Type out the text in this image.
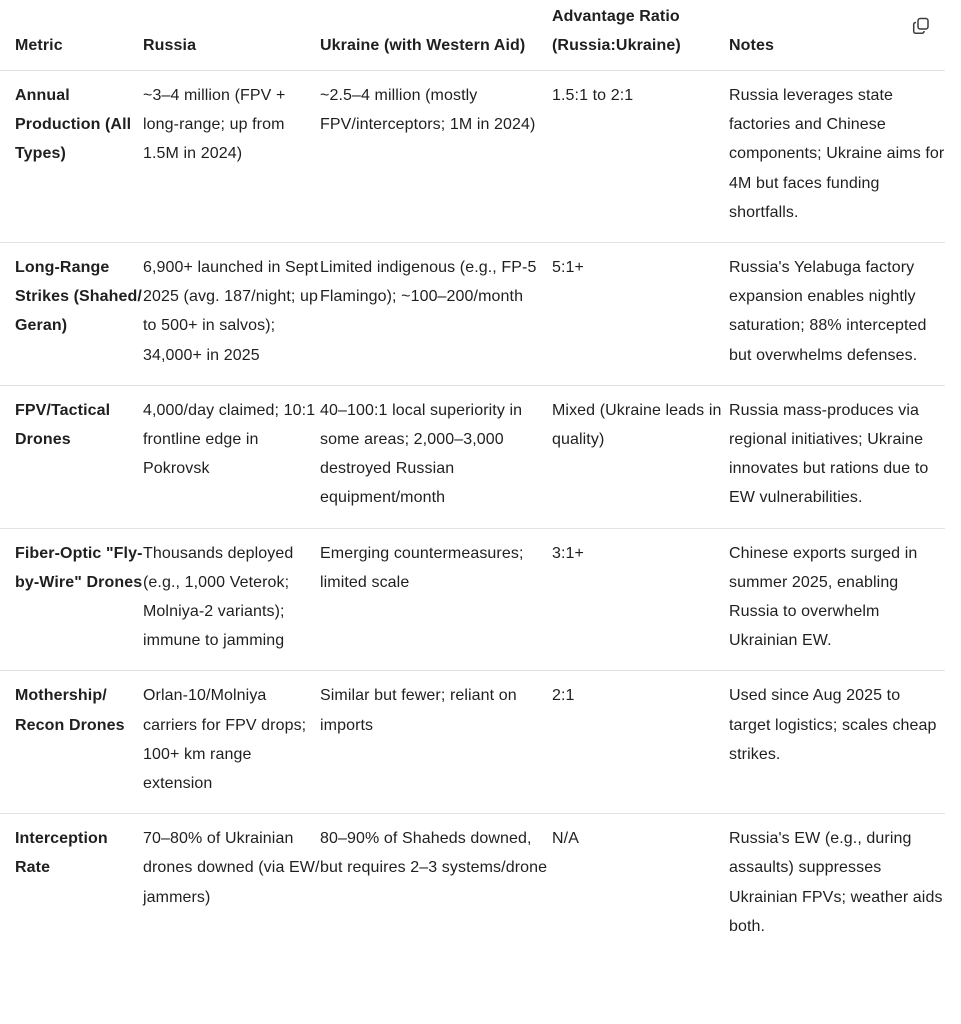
Metric	Russia	Ukraine (with Western Aid)	Advantage Ratio (Russia:Ukraine)	Notes
Annual Production (All Types)	~3–4 million (FPV + long-range; up from 1.5M in 2024)	~2.5–4 million (mostly FPV/interceptors; 1M in 2024)	1.5:1 to 2:1	Russia leverages state factories and Chinese components; Ukraine aims for 4M but faces funding shortfalls.
Long-Range Strikes (Shahed/ Geran)	6,900+ launched in Sept 2025 (avg. 187/night; up to 500+ in salvos); 34,000+ in 2025	Limited indigenous (e.g., FP-5 Flamingo); ~100–200/month	5:1+	Russia's Yelabuga factory expansion enables nightly saturation; 88% intercepted but overwhelms defenses.
FPV/Tactical Drones	4,000/day claimed; 10:1 frontline edge in Pokrovsk	40–100:1 local superiority in some areas; 2,000–3,000 destroyed Russian equipment/month	Mixed (Ukraine leads in quality)	Russia mass-produces via regional initiatives; Ukraine innovates but rations due to EW vulnerabilities.
Fiber-Optic "Fly-by-Wire" Drones	Thousands deployed (e.g., 1,000 Veterok; Molniya-2 variants); immune to jamming	Emerging countermeasures; limited scale	3:1+	Chinese exports surged in summer 2025, enabling Russia to overwhelm Ukrainian EW.
Mothership/ Recon Drones	Orlan-10/Molniya carriers for FPV drops; 100+ km range extension	Similar but fewer; reliant on imports	2:1	Used since Aug 2025 to target logistics; scales cheap strikes.
Interception Rate	70–80% of Ukrainian drones downed (via EW/ jammers)	80–90% of Shaheds downed, but requires 2–3 systems/drone	N/A	Russia's EW (e.g., during assaults) suppresses Ukrainian FPVs; weather aids both.
